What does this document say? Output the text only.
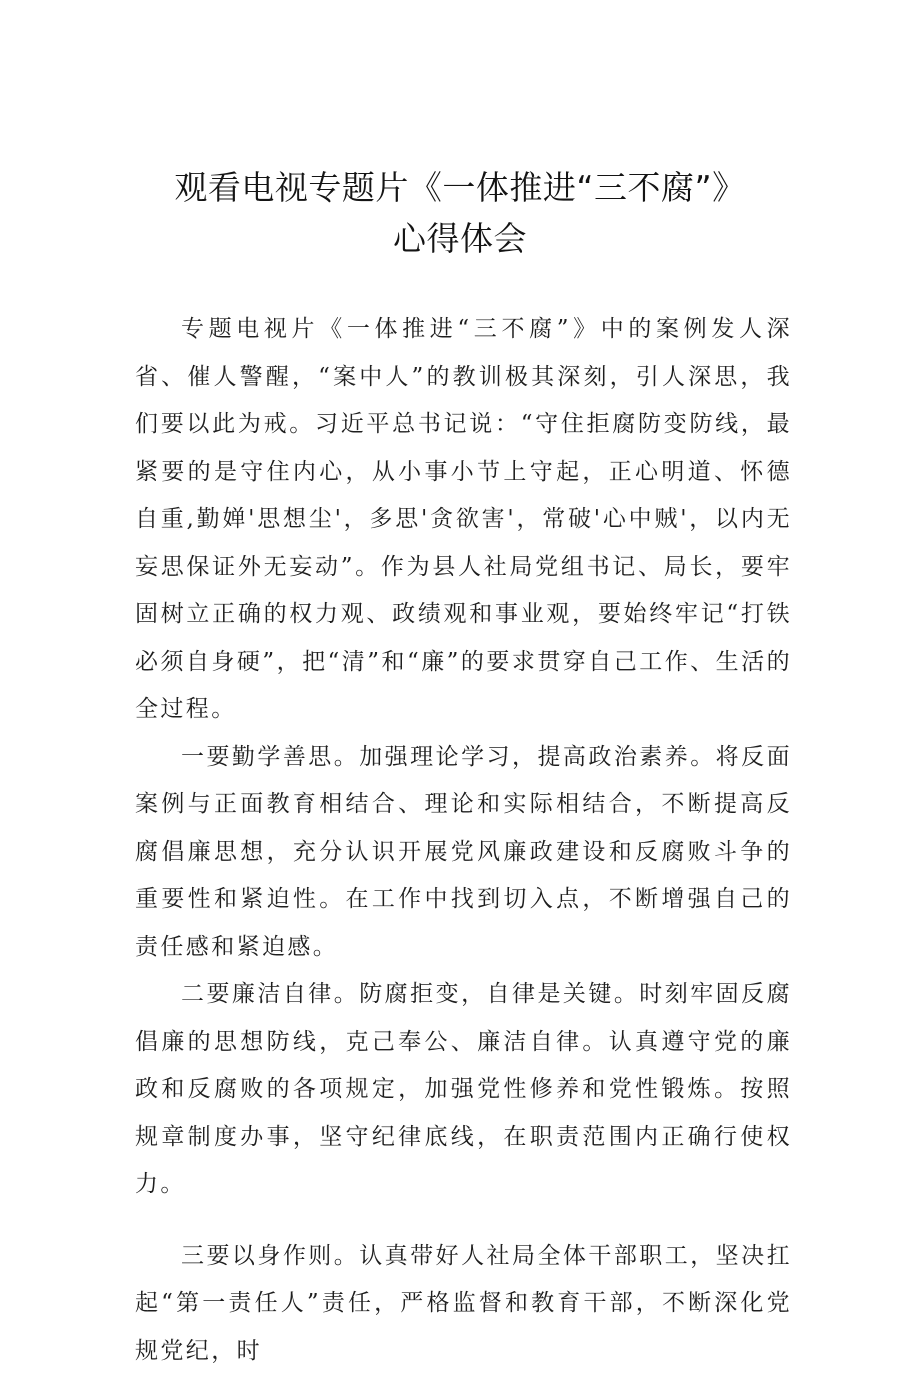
观看电视专题片《一体推进“三不腐”》
心得体会

专题电视片《一体推进“三不腐”》中的案例发人深省、催人警醒，“案中人”的教训极其深刻，引人深思，我们要以此为戒。习近平总书记说：“守住拒腐防变防线，最紧要的是守住内心，从小事小节上守起，正心明道、怀德自重,勤婵'思想尘'，多思'贪欲害'，常破'心中贼'，以内无妄思保证外无妄动”。作为县人社局党组书记、局长，要牢固树立正确的权力观、政绩观和事业观，要始终牢记“打铁必须自身硬”，把“清”和“廉”的要求贯穿自己工作、生活的全过程。

一要勤学善思。加强理论学习，提高政治素养。将反面案例与正面教育相结合、理论和实际相结合，不断提高反腐倡廉思想，充分认识开展党风廉政建设和反腐败斗争的重要性和紧迫性。在工作中找到切入点，不断增强自己的责任感和紧迫感。

二要廉洁自律。防腐拒变，自律是关键。时刻牢固反腐倡廉的思想防线，克己奉公、廉洁自律。认真遵守党的廉政和反腐败的各项规定，加强党性修养和党性锻炼。按照规章制度办事，坚守纪律底线，在职责范围内正确行使权力。

三要以身作则。认真带好人社局全体干部职工，坚决扛起“第一责任人”责任，严格监督和教育干部，不断深化党规党纪，时
